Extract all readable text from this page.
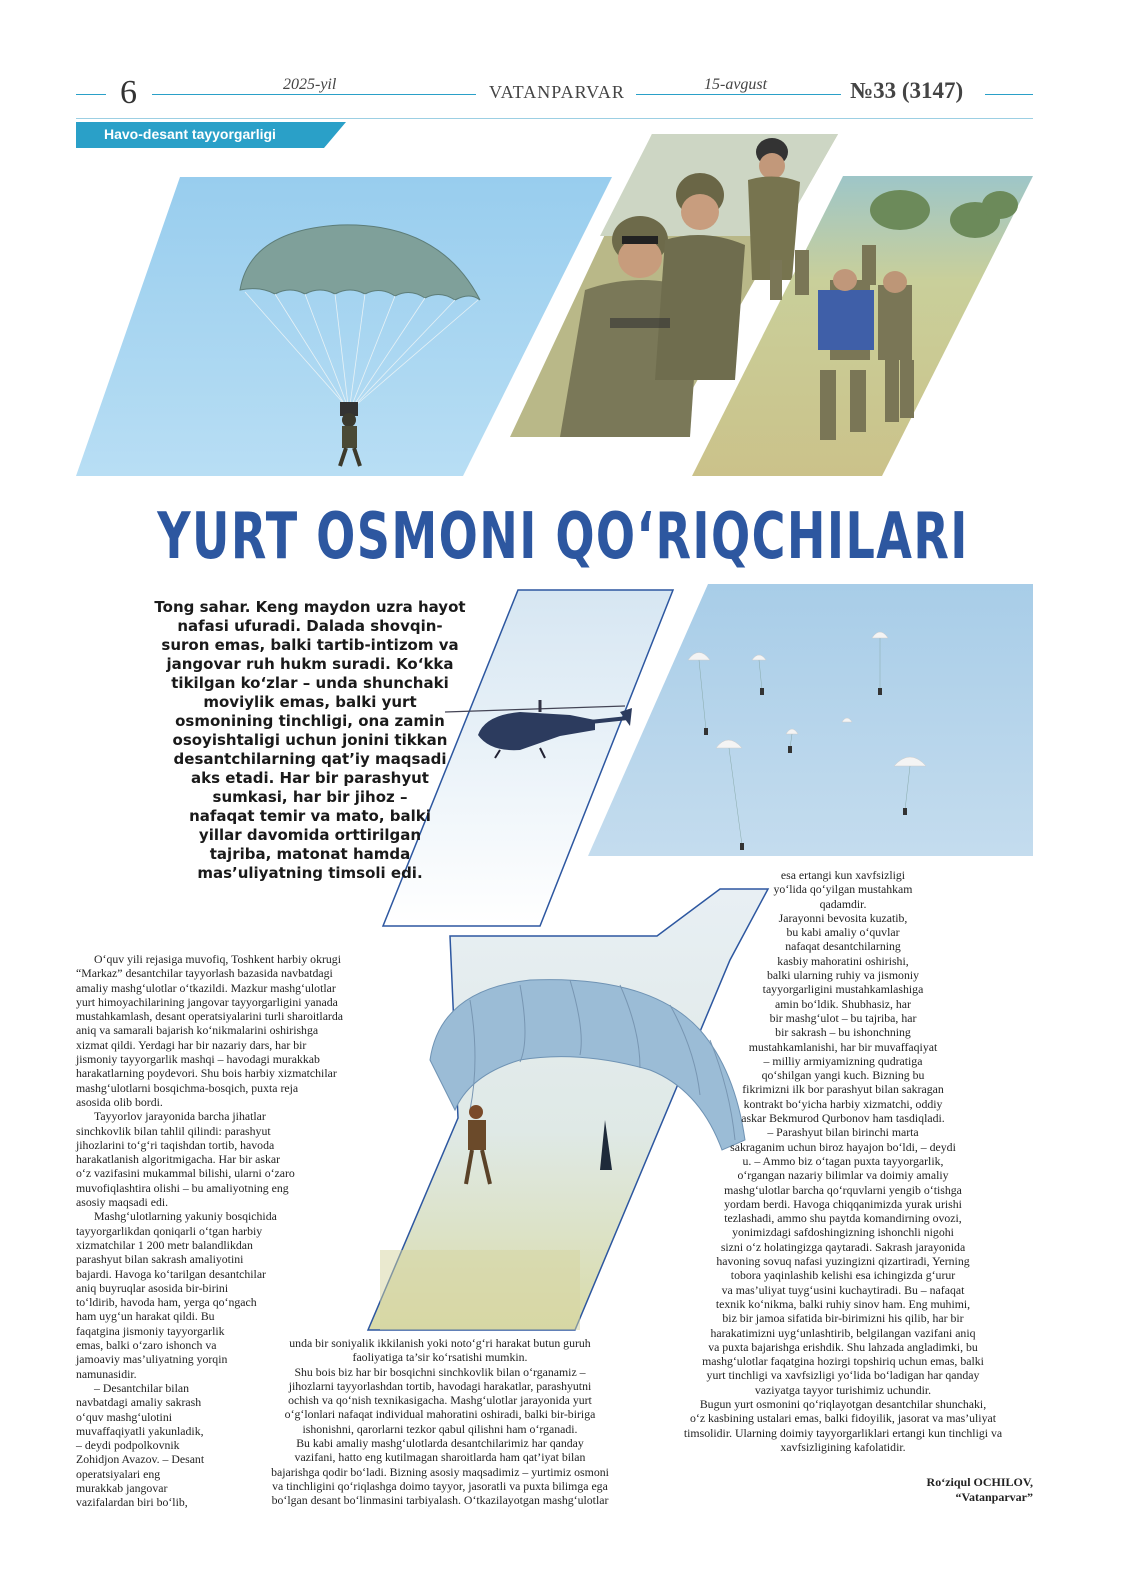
6	2025-yil	VATANPARVAR	15-avgust	№33 (3147)
Havo-desant tayyorgarligi
YURT OSMONI QO‘RIQCHILARI
Tong sahar. Keng maydon uzra hayot
nafasi ufuradi. Dalada shovqin-
suron emas, balki tartib-intizom va
jangovar ruh hukm suradi. Ko‘kka
tikilgan ko‘zlar – unda shunchaki
moviylik emas, balki yurt
osmonining tinchligi, ona zamin
osoyishtaligi uchun jonini tikkan
desantchilarning qat’iy maqsadi
aks etadi. Har bir parashyut
sumkasi, har bir jihoz –
nafaqat temir va mato, balki
yillar davomida orttirilgan
tajriba, matonat hamda
mas’uliyatning timsoli edi.
O‘quv yili rejasiga muvofiq, Toshkent harbiy okrugi
“Markaz” desantchilar tayyorlash bazasida navbatdagi
amaliy mashg‘ulotlar o‘tkazildi. Mazkur mashg‘ulotlar
yurt himoyachilarining jangovar tayyorgarligini yanada
mustahkamlash, desant operatsiyalarini turli sharoitlarda
aniq va samarali bajarish ko‘nikmalarini oshirishga
xizmat qildi. Yerdagi har bir nazariy dars, har bir
jismoniy tayyorgarlik mashqi – havodagi murakkab
harakatlarning poydevori. Shu bois harbiy xizmatchilar
mashg‘ulotlarni bosqichma-bosqich, puxta reja
asosida olib bordi.
Tayyorlov jarayonida barcha jihatlar
sinchkovlik bilan tahlil qilindi: parashyut
jihozlarini to‘g‘ri taqishdan tortib, havoda
harakatlanish algoritmigacha. Har bir askar
o‘z vazifasini mukammal bilishi, ularni o‘zaro
muvofiqlashtira olishi – bu amaliyotning eng
asosiy maqsadi edi.
Mashg‘ulotlarning yakuniy bosqichida
tayyorgarlikdan qoniqarli o‘tgan harbiy
xizmatchilar 1 200 metr balandlikdan
parashyut bilan sakrash amaliyotini
bajardi. Havoga ko‘tarilgan desantchilar
aniq buyruqlar asosida bir-birini
to‘ldirib, havoda ham, yerga qo‘ngach
ham uyg‘un harakat qildi. Bu
faqatgina jismoniy tayyorgarlik
emas, balki o‘zaro ishonch va
jamoaviy mas’uliyatning yorqin
namunasidir.
– Desantchilar bilan
navbatdagi amaliy sakrash
o‘quv mashg‘ulotini
muvaffaqiyatli yakunladik,
– deydi podpolkovnik
Zohidjon Avazov. – Desant
operatsiyalari eng
murakkab jangovar
vazifalardan biri bo‘lib,
unda bir soniyalik ikkilanish yoki noto‘g‘ri harakat butun guruh
faoliyatiga ta’sir ko‘rsatishi mumkin.
Shu bois biz har bir bosqichni sinchkovlik bilan o‘rganamiz –
jihozlarni tayyorlashdan tortib, havodagi harakatlar, parashyutni
ochish va qo‘nish texnikasigacha. Mashg‘ulotlar jarayonida yurt
o‘g‘lonlari nafaqat individual mahoratini oshiradi, balki bir-biriga
ishonishni, qarorlarni tezkor qabul qilishni ham o‘rganadi.
Bu kabi amaliy mashg‘ulotlarda desantchilarimiz har qanday
vazifani, hatto eng kutilmagan sharoitlarda ham qat’iyat bilan
bajarishga qodir bo‘ladi. Bizning asosiy maqsadimiz – yurtimiz osmoni
va tinchligini qo‘riqlashga doimo tayyor, jasoratli va puxta bilimga ega
bo‘lgan desant bo‘linmasini tarbiyalash. O‘tkazilayotgan mashg‘ulotlar
esa ertangi kun xavfsizligi
yo‘lida qo‘yilgan mustahkam
qadamdir.
Jarayonni bevosita kuzatib,
bu kabi amaliy o‘quvlar
nafaqat desantchilarning
kasbiy mahoratini oshirishi,
balki ularning ruhiy va jismoniy
tayyorgarligini mustahkamlashiga
amin bo‘ldik. Shubhasiz, har
bir mashg‘ulot – bu tajriba, har
bir sakrash – bu ishonchning
mustahkamlanishi, har bir muvaffaqiyat
– milliy armiyamizning qudratiga
qo‘shilgan yangi kuch. Bizning bu
fikrimizni ilk bor parashyut bilan sakragan
kontrakt bo‘yicha harbiy xizmatchi, oddiy
askar Bekmurod Qurbonov ham tasdiqladi.
– Parashyut bilan birinchi marta
sakraganim uchun biroz hayajon bo‘ldi, – deydi
u. – Ammo biz o‘tagan puxta tayyorgarlik,
o‘rgangan nazariy bilimlar va doimiy amaliy
mashg‘ulotlar barcha qo‘rquvlarni yengib o‘tishga
yordam berdi. Havoga chiqqanimizda yurak urishi
tezlashadi, ammo shu paytda komandirning ovozi,
yonimizdagi safdoshingizning ishonchli nigohi
sizni o‘z holatingizga qaytaradi. Sakrash jarayonida
havoning sovuq nafasi yuzingizni qizartiradi, Yerning
tobora yaqinlashib kelishi esa ichingizda g‘urur
va mas’uliyat tuyg‘usini kuchaytiradi. Bu – nafaqat
texnik ko‘nikma, balki ruhiy sinov ham. Eng muhimi,
biz bir jamoa sifatida bir-birimizni his qilib, har bir
harakatimizni uyg‘unlashtirib, belgilangan vazifani aniq
va puxta bajarishga erishdik. Shu lahzada angladimki, bu
mashg‘ulotlar faqatgina hozirgi topshiriq uchun emas, balki
yurt tinchligi va xavfsizligi yo‘lida bo‘ladigan har qanday
vaziyatga tayyor turishimiz uchundir.
Bugun yurt osmonini qo‘riqlayotgan desantchilar shunchaki,
o‘z kasbining ustalari emas, balki fidoyilik, jasorat va mas’uliyat
timsolidir. Ularning doimiy tayyorgarliklari ertangi kun tinchligi va
xavfsizligining kafolatidir.
Ro‘ziqul OCHILOV,
“Vatanparvar”
